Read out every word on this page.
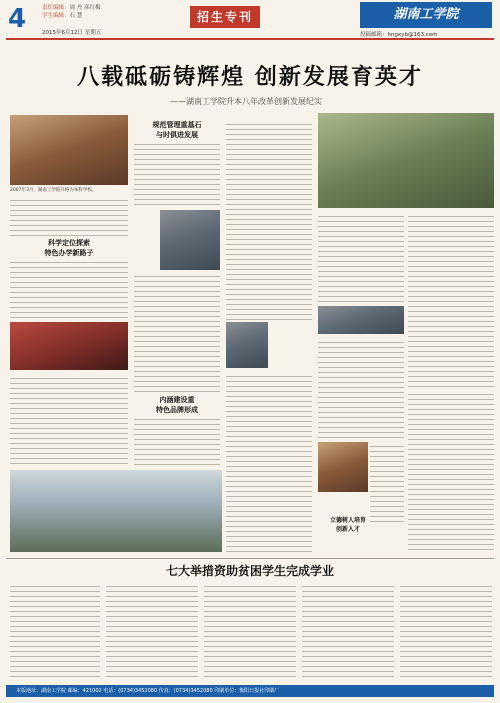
4	责任编辑：周 丹 彦红梅
学生编辑：石 慧	招生专刊	湖南工学院
2015年6月12日 星期五	投稿邮箱：hngxyb@163.com
八载砥砺铸辉煌 创新发展育英才
——湖南工学院升本八年改革创新发展纪实
2007年3月，湖南工学院升格为本科学校。
科学定位探索
特色办学新路子
规范管理重基石
与时俱进发展
内涵建设重
特色品牌形成
立德树人培育
创新人才
七大举措资助贫困学生完成学业
本版地址：湖南工学院 邮编：421002 电话：(0734)3452080 传真：(0734)3452080 印刷单位：衡阳日报社印刷厂
